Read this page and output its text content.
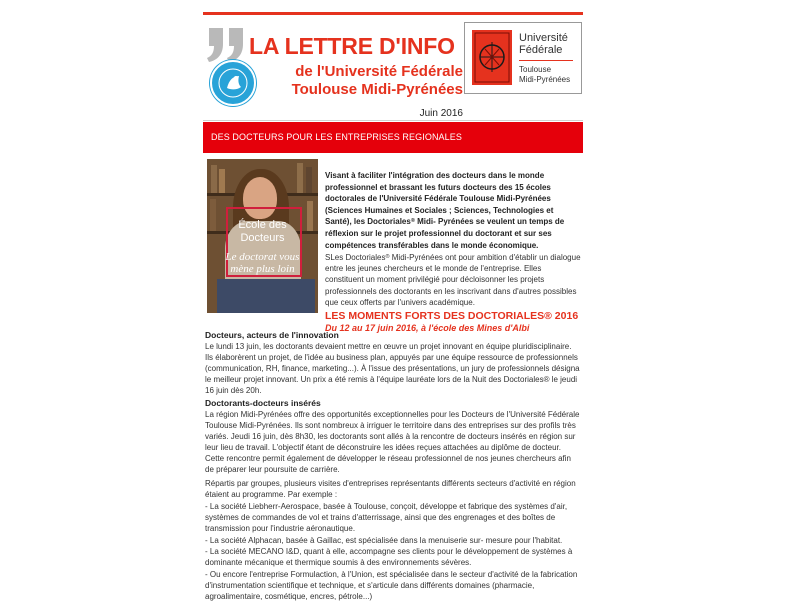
LA LETTRE D'INFO
de l'Université Fédérale
Toulouse Midi-Pyrénées
Juin 2016
Université
Fédérale
Toulouse
Midi-Pyrénées
DES DOCTEURS POUR LES ENTREPRISES REGIONALES
École des
Docteurs
Le doctorat vous
mène plus loin
Visant à faciliter l'intégration des docteurs dans le monde professionnel et brassant les futurs docteurs des 15 écoles doctorales de l'Université Fédérale Toulouse Midi-Pyrénées (Sciences Humaines et Sociales ; Sciences, Technologies et Santé), les Doctoriales® Midi- Pyrénées se veulent un temps de réflexion sur le projet professionnel du doctorant et sur ses compétences transférables dans le monde économique.
SLes Doctoriales® Midi-Pyrénées ont pour ambition d'établir un dialogue entre les jeunes chercheurs et le monde de l'entreprise. Elles constituent un moment privilégié pour décloisonner les projets professionnels des doctorants en les inscrivant dans d'autres possibles que ceux offerts par l'univers académique.
LES MOMENTS FORTS DES DOCTORIALES® 2016
Du 12 au 17 juin 2016, à l'école des Mines d'Albi
Docteurs, acteurs de l'innovation
Le lundi 13 juin, les doctorants devaient mettre en œuvre un projet innovant en équipe pluridisciplinaire. Ils élaborèrent un projet, de l'idée au business plan, appuyés par une équipe ressource de professionnels (communication, RH, finance, marketing...). À l'issue des présentations, un jury de professionnels désigna le meilleur projet innovant. Un prix a été remis à l'équipe lauréate lors de la Nuit des Doctoriales® le jeudi 16 juin dès 20h.
Doctorants-docteurs insérés
La région Midi-Pyrénées offre des opportunités exceptionnelles pour les Docteurs de l'Université Fédérale Toulouse Midi-Pyrénées. Ils sont nombreux à irriguer le territoire dans des entreprises sur des profils très variés. Jeudi 16 juin, dès 8h30, les doctorants sont allés à la rencontre de docteurs insérés en région sur leur lieu de travail. L'objectif étant de déconstruire les idées reçues attachées au diplôme de docteur. Cette rencontre permit également de développer le réseau professionnel de nos jeunes chercheurs afin de préparer leur poursuite de carrière.
Répartis par groupes, plusieurs visites d'entreprises représentants différents secteurs d'activité en région étaient au programme. Par exemple :
- La société Liebherr-Aerospace, basée à Toulouse, conçoit, développe et fabrique des systèmes d'air, systèmes de commandes de vol et trains d'atterrissage, ainsi que des engrenages et des boîtes de transmission pour l'industrie aéronautique.
- La société Alphacan, basée à Gaillac, est spécialisée dans la menuiserie sur- mesure pour l'habitat.
- La société MECANO I&D, quant à elle, accompagne ses clients pour le développement de systèmes à dominante mécanique et thermique soumis à des environnements sévères.
- Ou encore l'entreprise Formulaction, à l'Union, est spécialisée dans le secteur d'activité de la fabrication d'instrumentation scientifique et technique, et s'articule dans différents domaines (pharmacie, agroalimentaire, cosmétique, encres, pétrole...)
